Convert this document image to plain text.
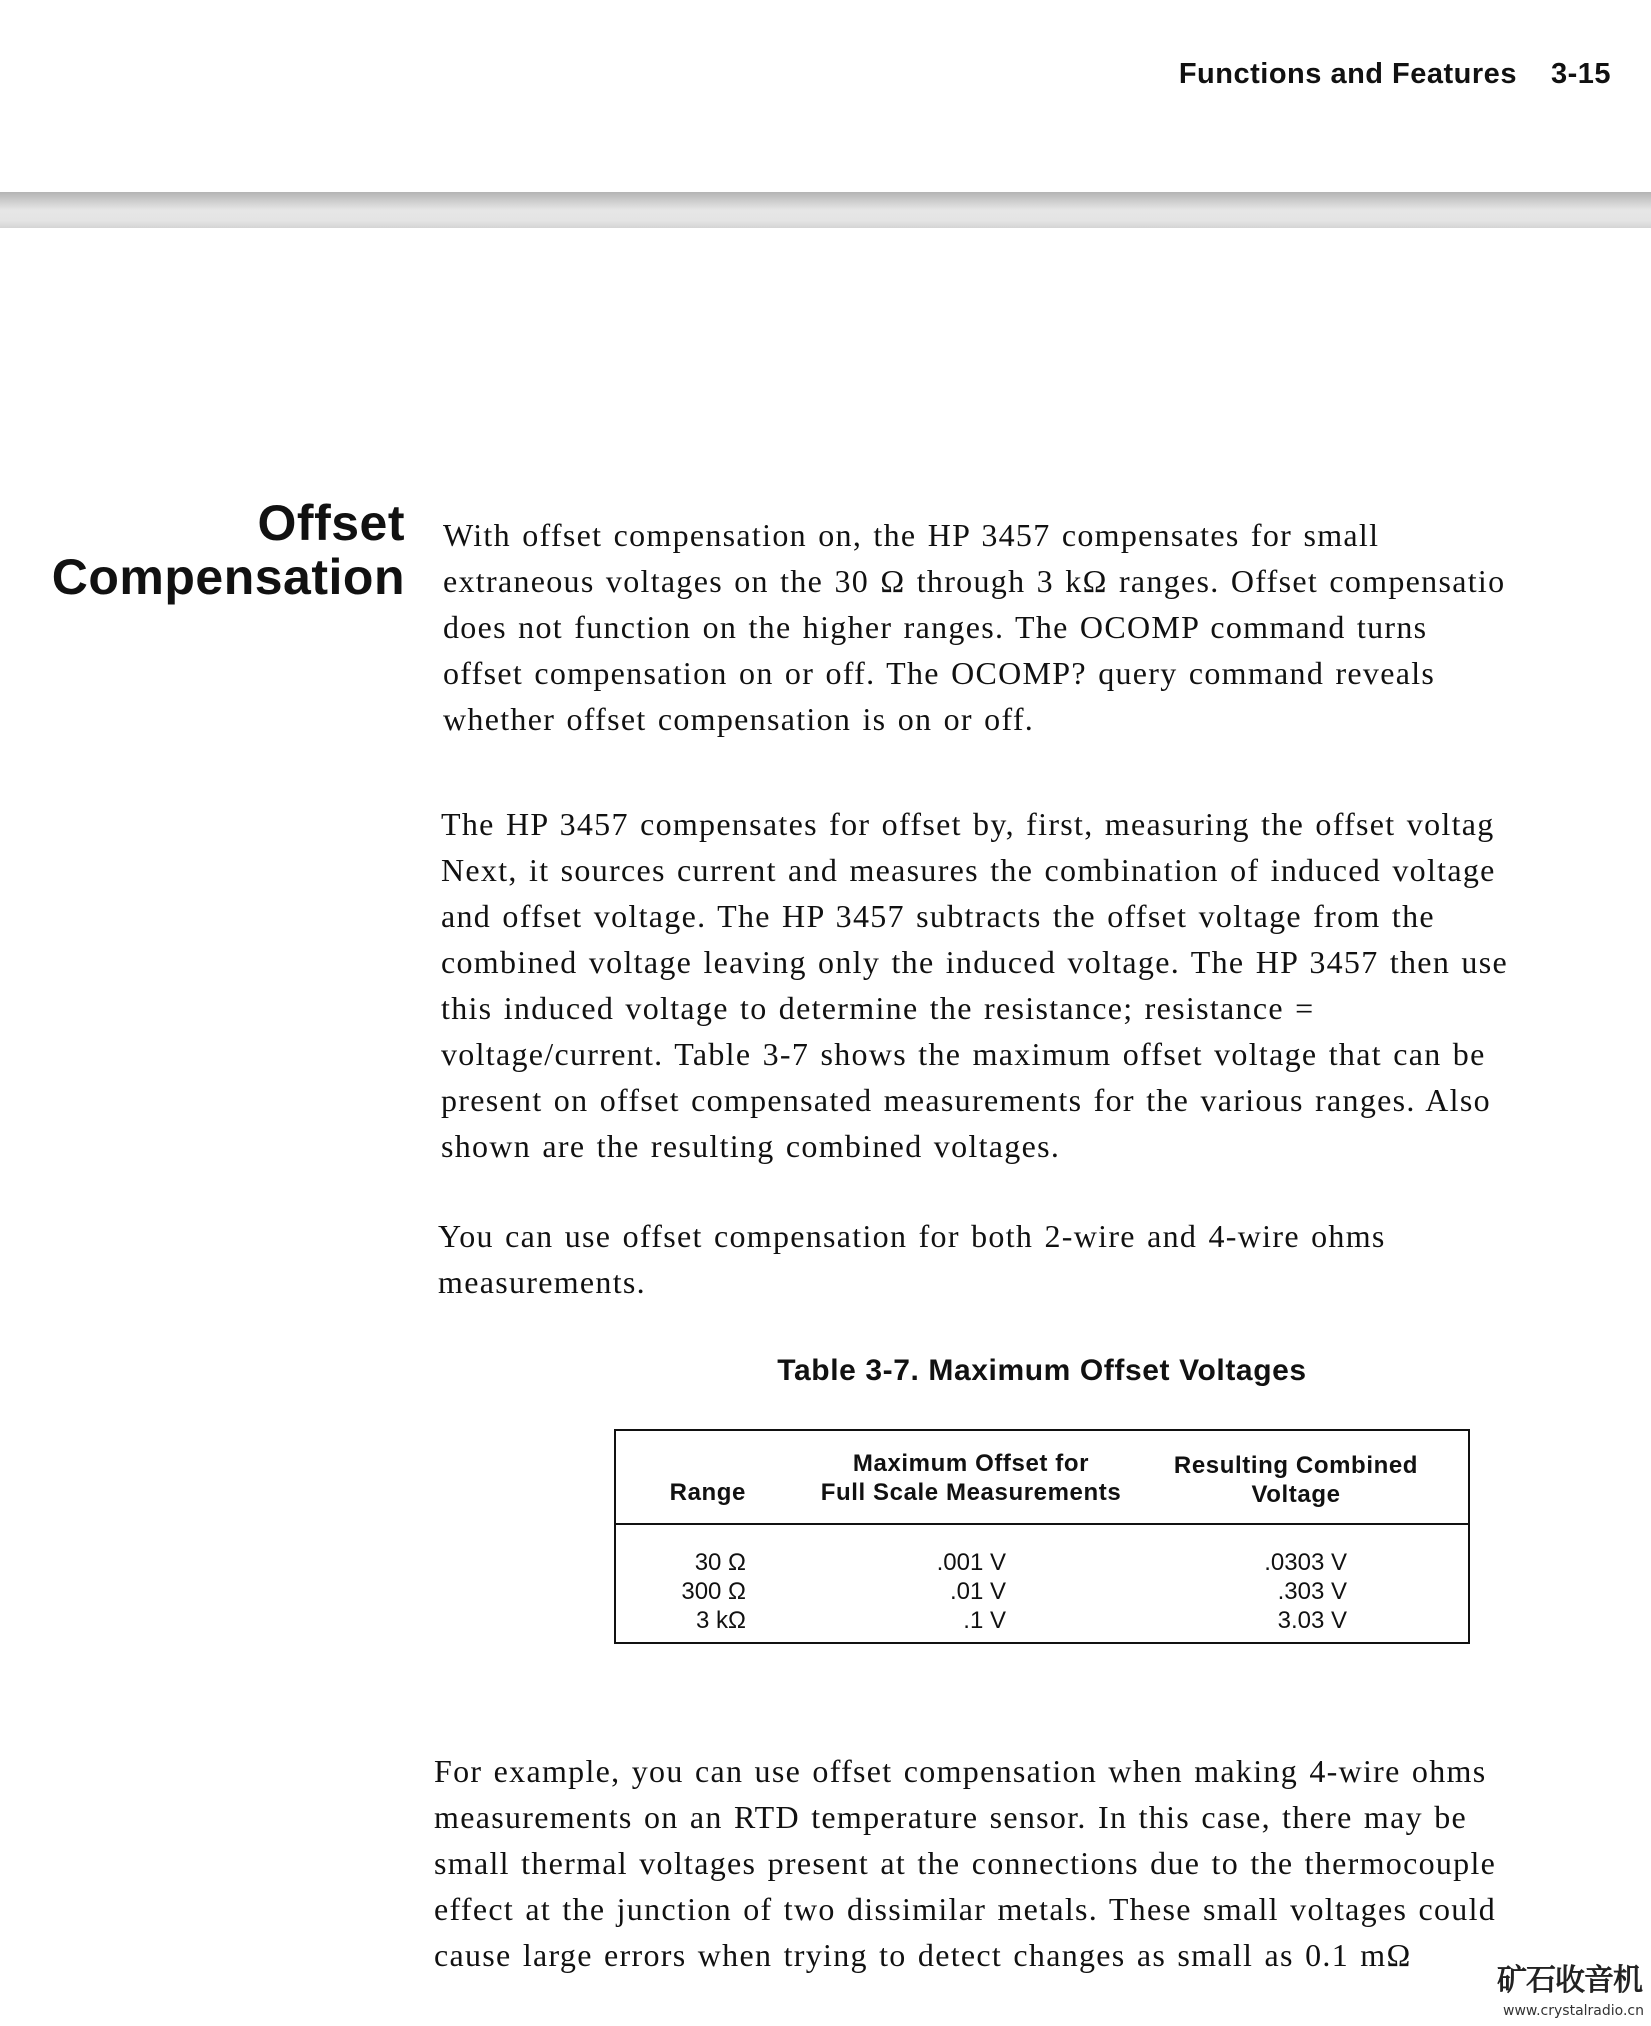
Functions and Features 3-15
Offset
Compensation
With offset compensation on, the HP 3457 compensates for small
extraneous voltages on the 30 Ω through 3 kΩ ranges. Offset compensatio
does not function on the higher ranges. The OCOMP command turns
offset compensation on or off. The OCOMP? query command reveals
whether offset compensation is on or off.
The HP 3457 compensates for offset by, first, measuring the offset voltag
Next, it sources current and measures the combination of induced voltage
and offset voltage. The HP 3457 subtracts the offset voltage from the
combined voltage leaving only the induced voltage. The HP 3457 then use
this induced voltage to determine the resistance; resistance =
voltage/current. Table 3-7 shows the maximum offset voltage that can be
present on offset compensated measurements for the various ranges. Also
shown are the resulting combined voltages.
You can use offset compensation for both 2-wire and 4-wire ohms
measurements.
Table 3-7. Maximum Offset Voltages
Range
Maximum Offset for
Full Scale Measurements
Resulting Combined
Voltage
30 Ω
300 Ω
3 kΩ
.001 V
.01 V
.1 V
.0303 V
.303 V
3.03 V
For example, you can use offset compensation when making 4-wire ohms
measurements on an RTD temperature sensor. In this case, there may be
small thermal voltages present at the connections due to the thermocouple
effect at the junction of two dissimilar metals. These small voltages could
cause large errors when trying to detect changes as small as 0.1 mΩ
矿石收音机
www.crystalradio.cn
